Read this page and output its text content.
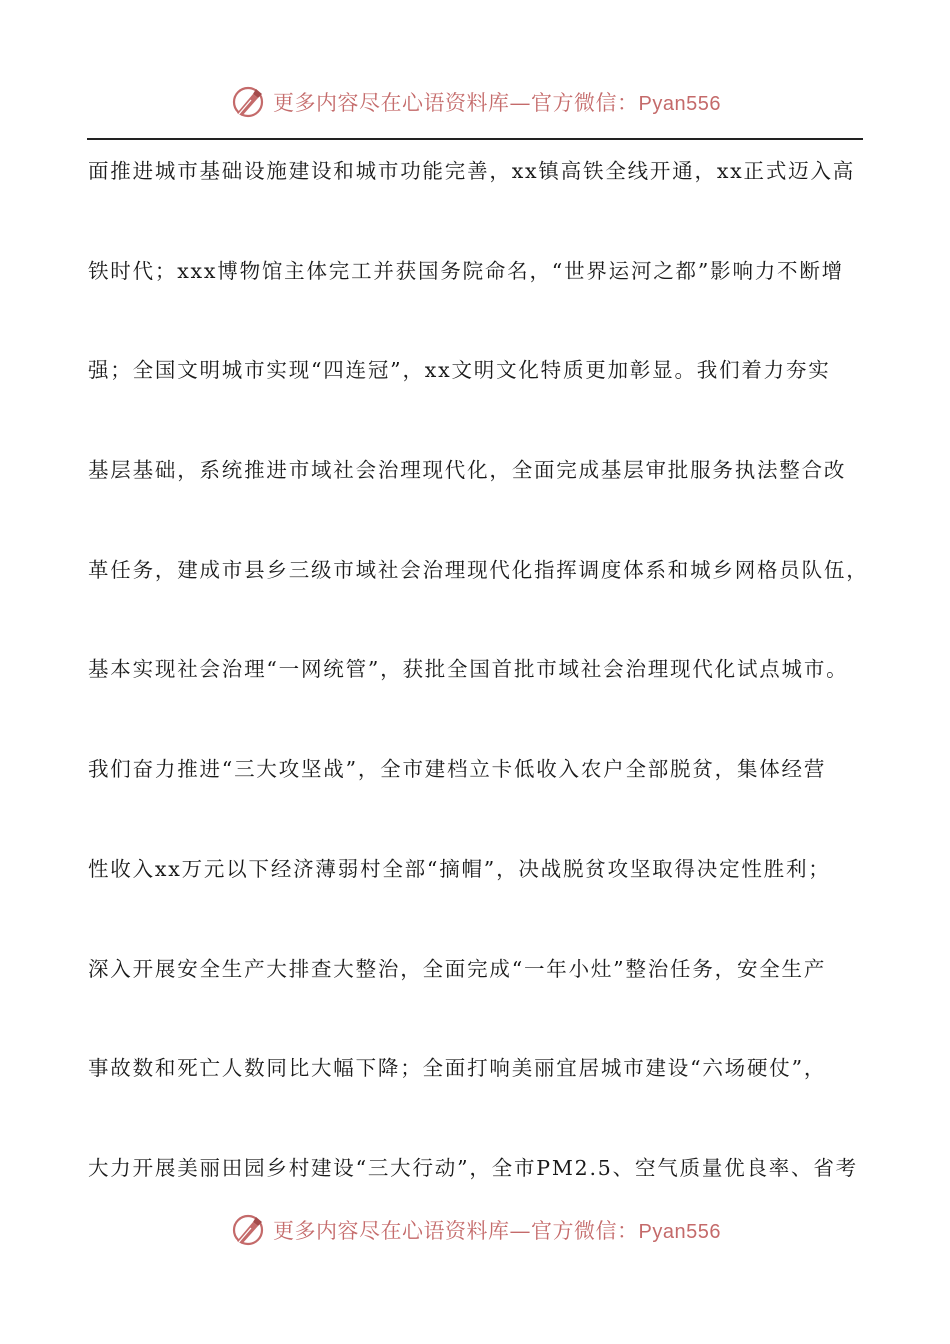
更多内容尽在心语资料库—官方微信：Pyan556
面推进城市基础设施建设和城市功能完善，xx镇高铁全线开通，xx正式迈入高
铁时代；xxx博物馆主体完工并获国务院命名，“世界运河之都”影响力不断增
强；全国文明城市实现“四连冠”，xx文明文化特质更加彰显。我们着力夯实
基层基础，系统推进市域社会治理现代化，全面完成基层审批服务执法整合改
革任务，建成市县乡三级市域社会治理现代化指挥调度体系和城乡网格员队伍，
基本实现社会治理“一网统管”，获批全国首批市域社会治理现代化试点城市。
我们奋力推进“三大攻坚战”，全市建档立卡低收入农户全部脱贫，集体经营
性收入xx万元以下经济薄弱村全部“摘帽”，决战脱贫攻坚取得决定性胜利；
深入开展安全生产大排查大整治，全面完成“一年小灶”整治任务，安全生产
事故数和死亡人数同比大幅下降；全面打响美丽宜居城市建设“六场硬仗”，
大力开展美丽田园乡村建设“三大行动”，全市PM2.5、空气质量优良率、省考
更多内容尽在心语资料库—官方微信：Pyan556
